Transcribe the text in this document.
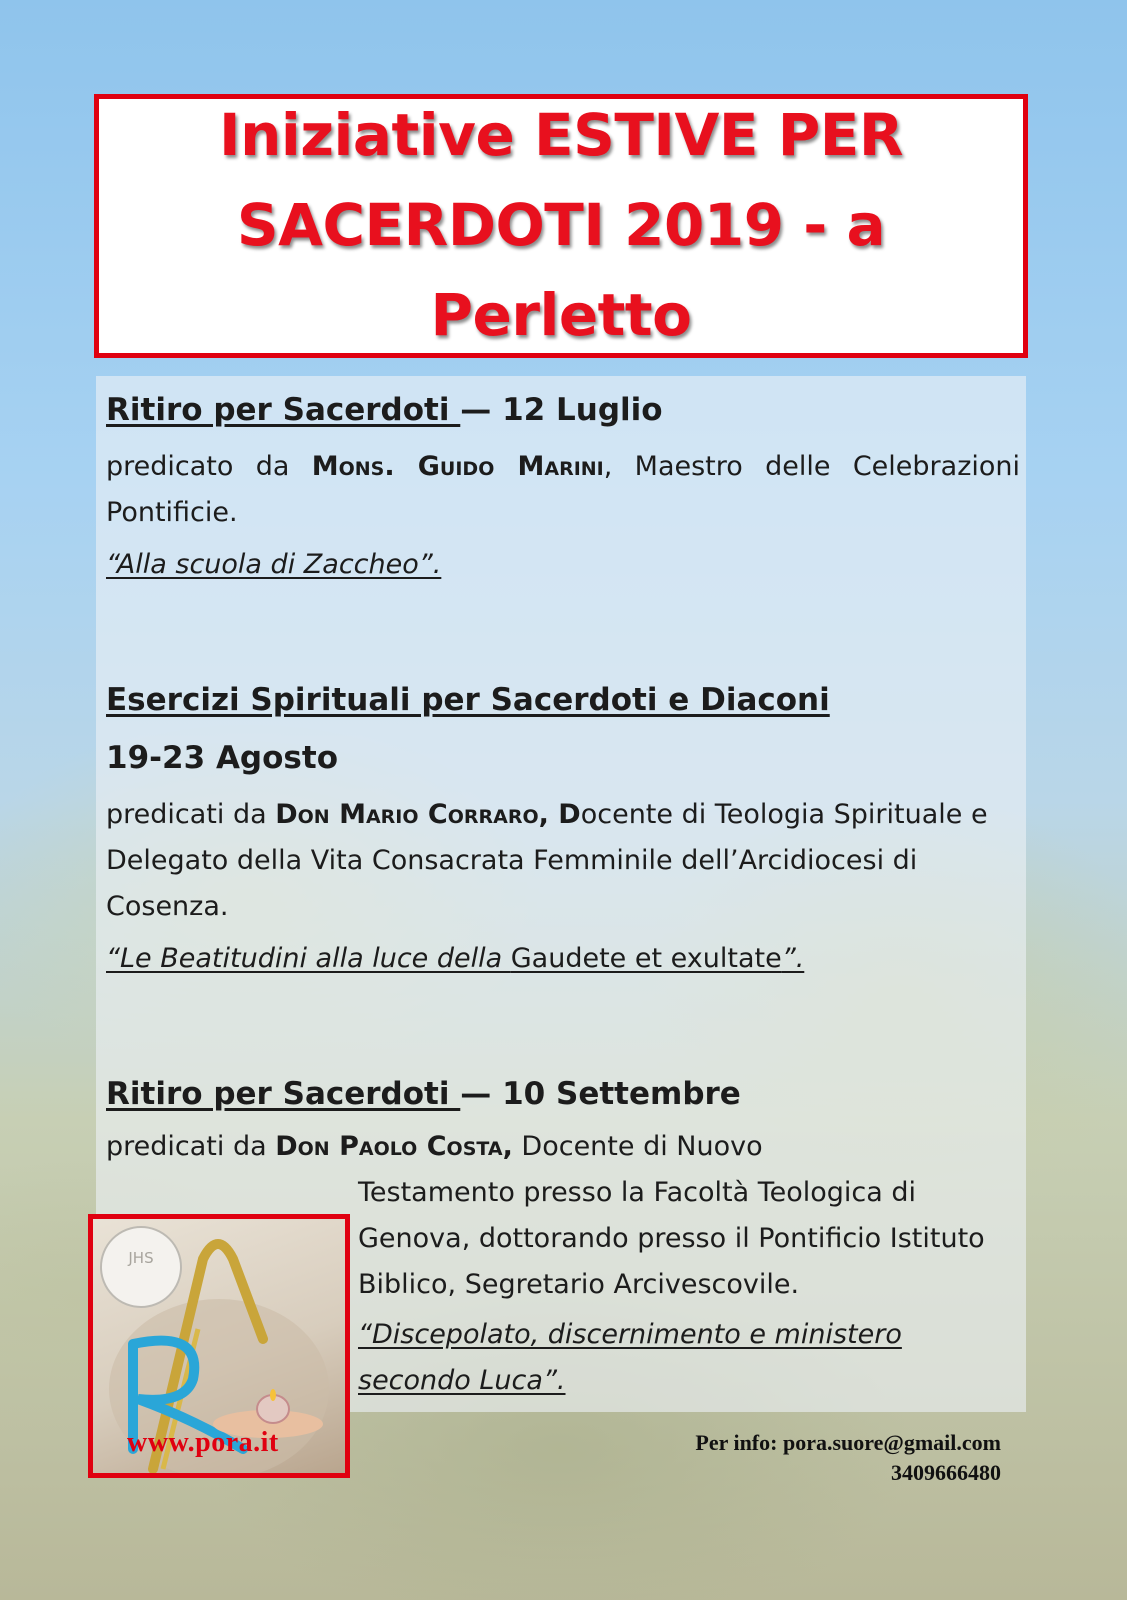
Iniziative ESTIVE PER
SACERDOTI 2019 - a Perletto

Ritiro per Sacerdoti — 12 Luglio

predicato da Mons. Guido Marini, Maestro delle Celebrazioni Pontificie.

“Alla scuola di Zaccheo”.

Esercizi Spirituali per Sacerdoti e Diaconi

19-23 Agosto

predicati da Don Mario Corraro, Docente di Teologia Spirituale e Delegato della Vita Consacrata Femminile dell’Arcidiocesi di Cosenza.

“Le Beatitudini alla luce della Gaudete et exultate”.

Ritiro per Sacerdoti — 10 Settembre

predicati da Don Paolo Costa, Docente di Nuovo

Testamento presso la Facoltà Teologica di Genova, dottorando presso il Pontificio Istituto Biblico, Segretario Arcivescovile.

“Discepolato, discernimento e ministero secondo Luca”.

JHS
www.pora.it	Per info: pora.suore@gmail.com
3409666480
